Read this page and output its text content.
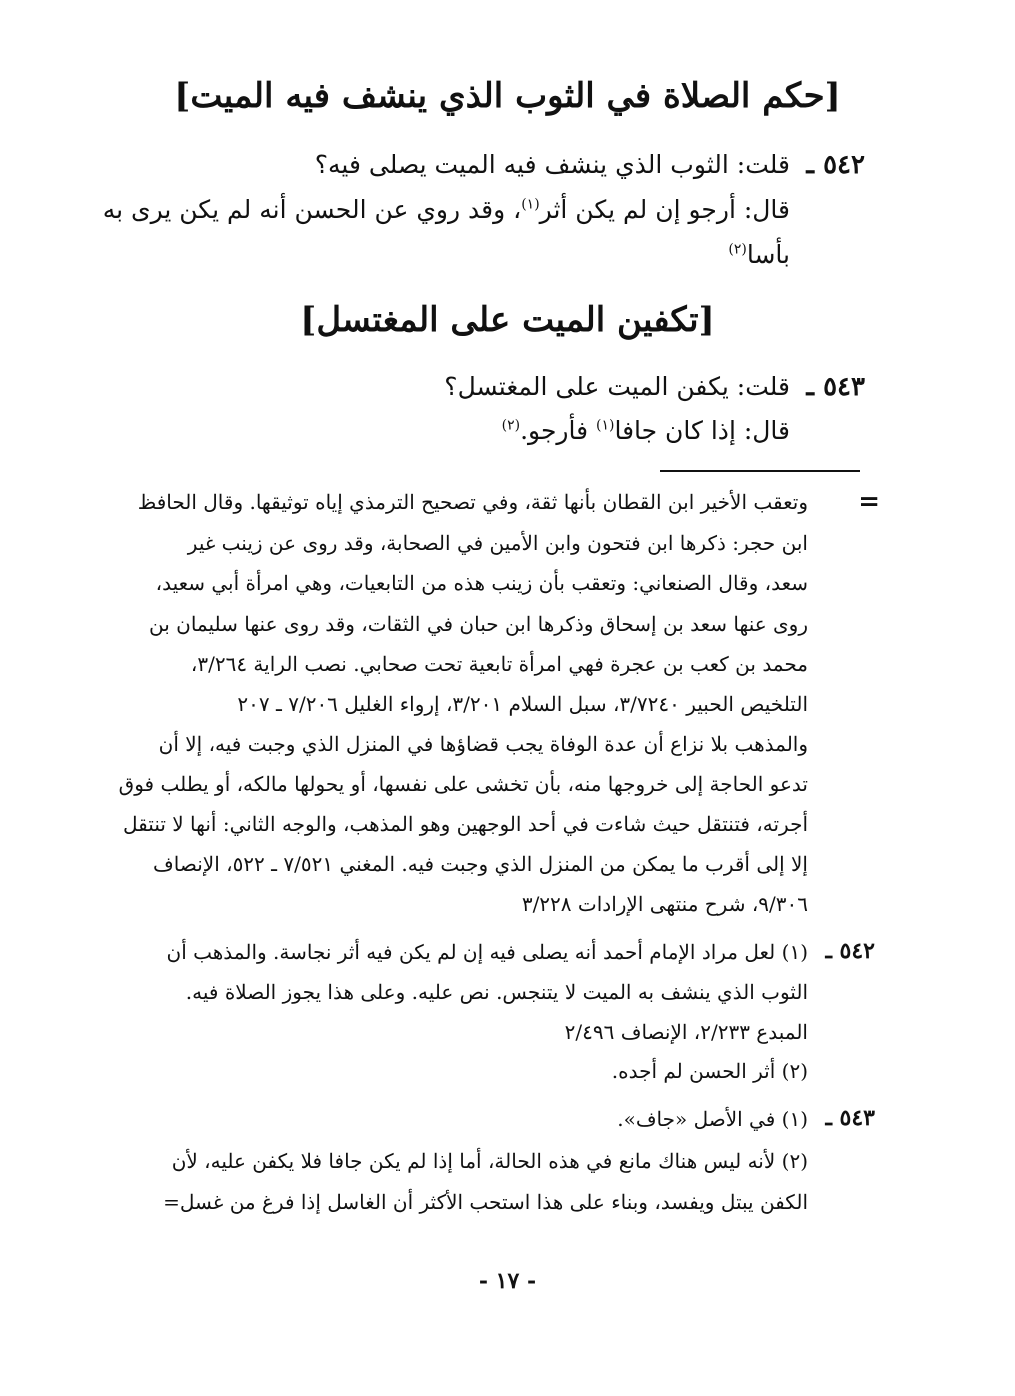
[حكم الصلاة في الثوب الذي ينشف فيه الميت]
٥٤٢ ـ
قلت: الثوب الذي ينشف فيه الميت يصلى فيه؟
قال: أرجو إن لم يكن أثر$^{(١)}$، وقد روي عن الحسن أنه لم يكن يرى به
بأسا$^{(٢)}$
[تكفين الميت على المغتسل]
٥٤٣ ـ
قلت: يكفن الميت على المغتسل؟
قال: إذا كان جافا$^{(١)}$ فأرجو.$^{(٢)}$
=
وتعقب الأخير ابن القطان بأنها ثقة، وفي تصحيح الترمذي إياه توثيقها. وقال الحافظ
ابن حجر: ذكرها ابن فتحون وابن الأمين في الصحابة، وقد روى عن زينب غير
سعد، وقال الصنعاني: وتعقب بأن زينب هذه من التابعيات، وهي امرأة أبي سعيد،
روى عنها سعد بن إسحاق وذكرها ابن حبان في الثقات، وقد روى عنها سليمان بن
محمد بن كعب بن عجرة فهي امرأة تابعية تحت صحابي. نصب الراية ٣/٢٦٤،
التلخيص الحبير ٣/٧٢٤٠، سبل السلام ٣/٢٠١، إرواء الغليل ٧/٢٠٦ ـ ٢٠٧
والمذهب بلا نزاع أن عدة الوفاة يجب قضاؤها في المنزل الذي وجبت فيه، إلا أن
تدعو الحاجة إلى خروجها منه، بأن تخشى على نفسها، أو يحولها مالكه، أو يطلب فوق
أجرته، فتنتقل حيث شاءت في أحد الوجهين وهو المذهب، والوجه الثاني: أنها لا تنتقل
إلا إلى أقرب ما يمكن من المنزل الذي وجبت فيه. المغني ٧/٥٢١ ـ ٥٢٢، الإنصاف
٩/٣٠٦، شرح منتهى الإرادات ٣/٢٢٨
٥٤٢ ـ
(١) لعل مراد الإمام أحمد أنه يصلى فيه إن لم يكن فيه أثر نجاسة. والمذهب أن
الثوب الذي ينشف به الميت لا يتنجس. نص عليه. وعلى هذا يجوز الصلاة فيه.
المبدع ٢/٢٣٣، الإنصاف ٢/٤٩٦
(٢) أثر الحسن لم أجده.
٥٤٣ ـ
(١) في الأصل «جاف».
(٢) لأنه ليس هناك مانع في هذه الحالة، أما إذا لم يكن جافا فلا يكفن عليه، لأن
الكفن يبتل ويفسد، وبناء على هذا استحب الأكثر أن الغاسل إذا فرغ من غسل=
- ١٧ -
